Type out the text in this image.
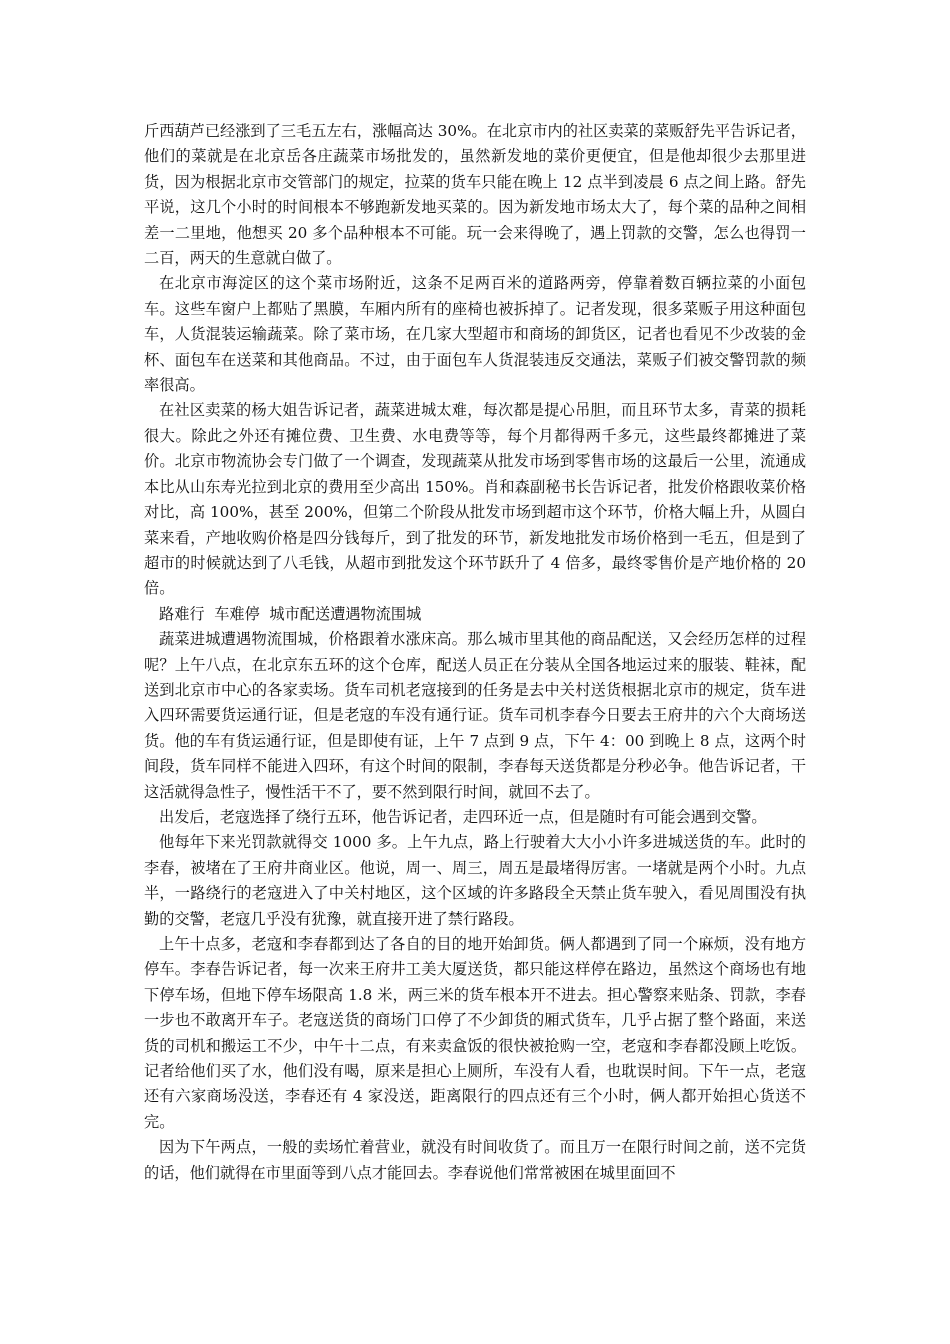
斤西葫芦已经涨到了三毛五左右，涨幅高达 30%。在北京市内的社区卖菜的菜贩舒先平告诉记者，他们的菜就是在北京岳各庄蔬菜市场批发的，虽然新发地的菜价更便宜，但是他却很少去那里进货，因为根据北京市交管部门的规定，拉菜的货车只能在晚上 12 点半到凌晨 6 点之间上路。舒先平说，这几个小时的时间根本不够跑新发地买菜的。因为新发地市场太大了，每个菜的品种之间相差一二里地，他想买 20 多个品种根本不可能。玩一会来得晚了，遇上罚款的交警，怎么也得罚一二百，两天的生意就白做了。

在北京市海淀区的这个菜市场附近，这条不足两百米的道路两旁，停靠着数百辆拉菜的小面包车。这些车窗户上都贴了黑膜，车厢内所有的座椅也被拆掉了。记者发现，很多菜贩子用这种面包车，人货混装运输蔬菜。除了菜市场，在几家大型超市和商场的卸货区，记者也看见不少改装的金杯、面包车在送菜和其他商品。不过，由于面包车人货混装违反交通法，菜贩子们被交警罚款的频率很高。

在社区卖菜的杨大姐告诉记者，蔬菜进城太难，每次都是提心吊胆，而且环节太多，青菜的损耗很大。除此之外还有摊位费、卫生费、水电费等等，每个月都得两千多元，这些最终都摊进了菜价。北京市物流协会专门做了一个调查，发现蔬菜从批发市场到零售市场的这最后一公里，流通成本比从山东寿光拉到北京的费用至少高出 150%。肖和森副秘书长告诉记者，批发价格跟收菜价格对比，高 100%，甚至 200%，但第二个阶段从批发市场到超市这个环节，价格大幅上升，从圆白菜来看，产地收购价格是四分钱每斤，到了批发的环节，新发地批发市场价格到一毛五，但是到了超市的时候就达到了八毛钱，从超市到批发这个环节跃升了 4 倍多，最终零售价是产地价格的 20 倍。

路难行  车难停  城市配送遭遇物流围城

蔬菜进城遭遇物流围城，价格跟着水涨床高。那么城市里其他的商品配送，又会经历怎样的过程呢？上午八点，在北京东五环的这个仓库，配送人员正在分装从全国各地运过来的服装、鞋袜，配送到北京市中心的各家卖场。货车司机老寇接到的任务是去中关村送货根据北京市的规定，货车进入四环需要货运通行证，但是老寇的车没有通行证。货车司机李春今日要去王府井的六个大商场送货。他的车有货运通行证，但是即使有证，上午 7 点到 9 点，下午 4：00 到晚上 8 点，这两个时间段，货车同样不能进入四环，有这个时间的限制，李春每天送货都是分秒必争。他告诉记者，干这活就得急性子，慢性活干不了，要不然到限行时间，就回不去了。

出发后，老寇选择了绕行五环，他告诉记者，走四环近一点，但是随时有可能会遇到交警。

他每年下来光罚款就得交 1000 多。上午九点，路上行驶着大大小小许多进城送货的车。此时的李春，被堵在了王府井商业区。他说，周一、周三，周五是最堵得厉害。一堵就是两个小时。九点半，一路绕行的老寇进入了中关村地区，这个区域的许多路段全天禁止货车驶入，看见周围没有执勤的交警，老寇几乎没有犹豫，就直接开进了禁行路段。

上午十点多，老寇和李春都到达了各自的目的地开始卸货。俩人都遇到了同一个麻烦，没有地方停车。李春告诉记者，每一次来王府井工美大厦送货，都只能这样停在路边，虽然这个商场也有地下停车场，但地下停车场限高 1.8 米，两三米的货车根本开不进去。担心警察来贴条、罚款，李春一步也不敢离开车子。老寇送货的商场门口停了不少卸货的厢式货车，几乎占据了整个路面，来送货的司机和搬运工不少，中午十二点，有来卖盒饭的很快被抢购一空，老寇和李春都没顾上吃饭。记者给他们买了水，他们没有喝，原来是担心上厕所，车没有人看，也耽误时间。下午一点，老寇还有六家商场没送，李春还有 4 家没送，距离限行的四点还有三个小时，俩人都开始担心货送不完。

因为下午两点，一般的卖场忙着营业，就没有时间收货了。而且万一在限行时间之前，送不完货的话，他们就得在市里面等到八点才能回去。李春说他们常常被困在城里面回不
